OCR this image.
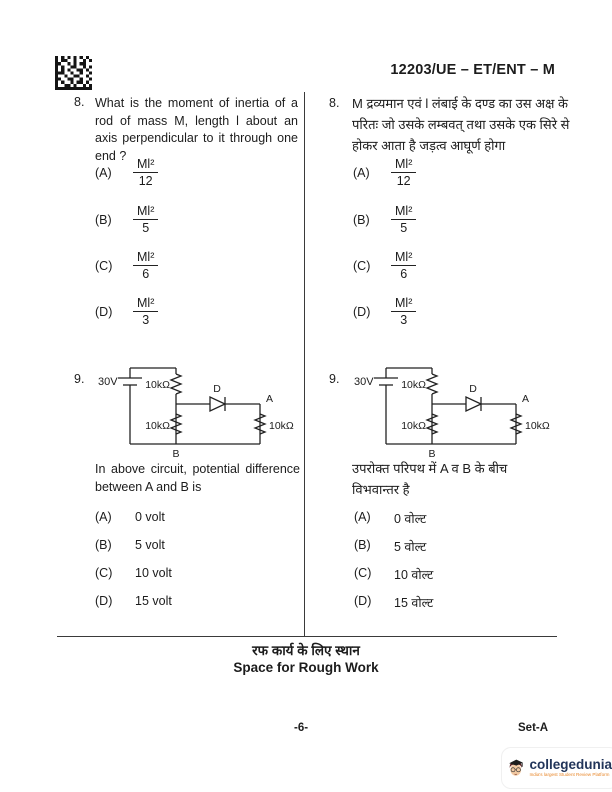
12203/UE – ET/ENT – M
8. What is the moment of inertia of a rod of mass M, length l about an axis perpendicular to it through one end ?
(A)	$\frac{\text{Ml²}}{12}$
(B)	$\frac{\text{Ml²}}{5}$
(C)	$\frac{\text{Ml²}}{6}$
(D)	$\frac{\text{Ml²}}{3}$
8. M द्रव्यमान एवं l लंबाई के दण्ड का उस अक्ष के परितः जो उसके लम्बवत् तथा उसके एक सिरे से होकर आता है जड़त्व आघूर्ण होगा
(A)	$\frac{\text{Ml²}}{12}$
(B)	$\frac{\text{Ml²}}{5}$
(C)	$\frac{\text{Ml²}}{6}$
(D)	$\frac{\text{Ml²}}{3}$
9. 30V	10kΩ	D
A
10kΩ
10kΩ
B
In above circuit, potential difference between A and B is
(A)	0 volt
(B)	5 volt
(C)	10 volt
(D)	15 volt
9. 30V	10kΩ	D
A
10kΩ
10kΩ
B
उपरोक्त परिपथ में A व B के बीच विभवान्तर है
(A)	0 वोल्ट
(B)	5 वोल्ट
(C)	10 वोल्ट
(D)	15 वोल्ट
रफ कार्य के लिए स्थान
Space for Rough Work
-6-	Set-A
collegedunia
India's largest Student Review Platform
